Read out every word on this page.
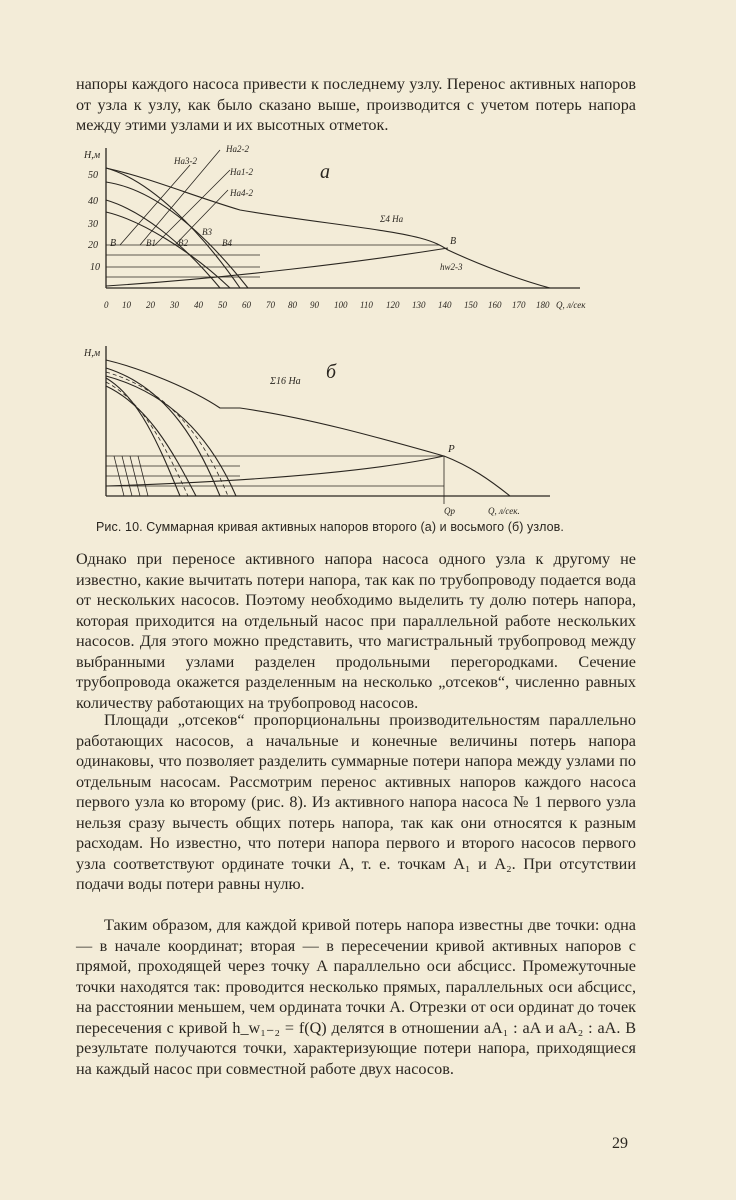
напоры каждого насоса привести к последнему узлу. Перенос активных напоров от узла к узлу, как было сказано выше, производится с учетом потерь напора между этими узлами и их высотных отметок.

H,м
50
40
30
20
10
Hа2-2
Hа3-2
Hа1-2
Hа4-2
Σ4 Hа
hw2-3
В	В1 В2
В3
В4	В
a
0 10 20 30 40 50 60 70 80 90 100 110 120 130 140 150 160 170 180 Q, л/сек
H,м
б
Σ16 Hа
P
Qp	Q, л/сек.
Рис. 10. Суммарная кривая активных напоров второго (a) и восьмого (б) узлов.

Однако при переносе активного напора насоса одного узла к другому не известно, какие вычитать потери напора, так как по трубопроводу подается вода от нескольких насосов. Поэтому необходимо выделить ту долю потерь напора, которая приходится на отдельный насос при параллельной работе нескольких насосов. Для этого можно представить, что магистральный трубопровод между выбранными узлами разделен продольными перегородками. Сечение трубопровода окажется разделенным на несколько „отсеков“, численно равных количеству работающих на трубопровод насосов.

Площади „отсеков“ пропорциональны производительностям параллельно работающих насосов, а начальные и конечные величины потерь напора одинаковы, что позволяет разделить суммарные потери напора между узлами по отдельным насосам. Рассмотрим перенос активных напоров каждого насоса первого узла ко второму (рис. 8). Из активного напора насоса № 1 первого узла нельзя сразу вычесть общих потерь напора, так как они относятся к разным расходам. Но известно, что потери напора первого и второго насосов первого узла соответствуют ординате точки A, т. е. точкам A₁ и A₂. При отсутствии подачи воды потери равны нулю.

Таким образом, для каждой кривой потерь напора известны две точки: одна — в начале координат; вторая — в пересечении кривой активных напоров с прямой, проходящей через точку A параллельно оси абсцисс. Промежуточные точки находятся так: проводится несколько прямых, параллельных оси абсцисс, на расстоянии меньшем, чем ордината точки A. Отрезки от оси ординат до точек пересечения с кривой h_w₁₋₂ = f(Q) делятся в отношении aA₁ : aA и aA₂ : aA. В результате получаются точки, характеризующие потери напора, приходящиеся на каждый насос при совместной работе двух насосов.

29
